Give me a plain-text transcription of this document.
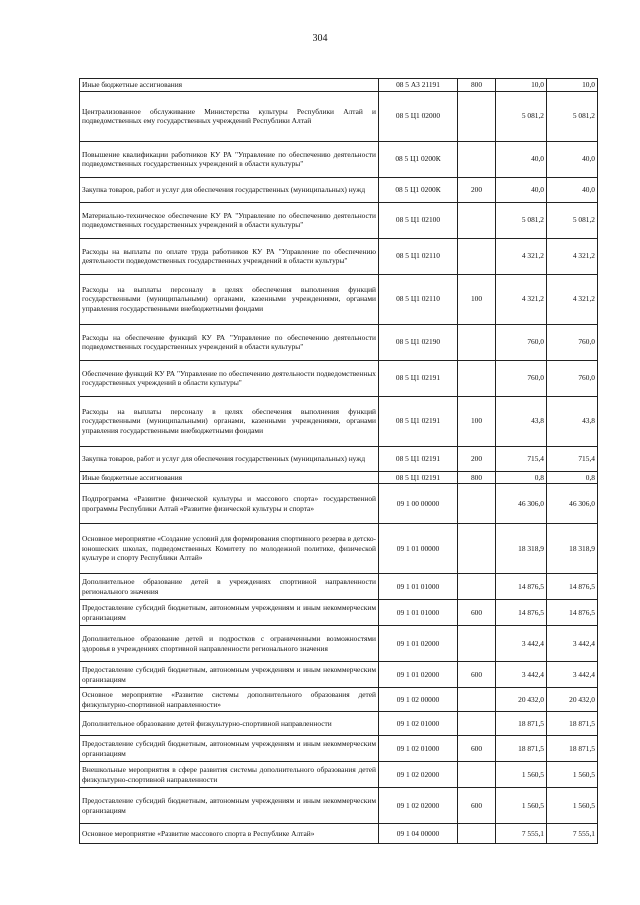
304
Иные бюджетные ассигнования	08 5 А3 21191	800	10,0	10,0
Централизованное обслуживание Министерства культуры Республики Алтай и подведомственных ему государственных учреждений Республики Алтай	08 5 Ц1 02000		5 081,2	5 081,2
Повышение квалификации работников КУ РА "Управление по обеспечению деятельности подведомственных государственных учреждений в области культуры"	08 5 Ц1 0200К		40,0	40,0
Закупка товаров, работ и услуг для обеспечения государственных (муниципальных) нужд	08 5 Ц1 0200К	200	40,0	40,0
Материально-техническое обеспечение КУ РА "Управление по обеспечению деятельности подведомственных государственных учреждений в области культуры"	08 5 Ц1 02100		5 081,2	5 081,2
Расходы на выплаты по оплате труда работников КУ РА "Управление по обеспечению деятельности подведомственных государственных учреждений в области культуры"	08 5 Ц1 02110		4 321,2	4 321,2
Расходы на выплаты персоналу в целях обеспечения выполнения функций государственными (муниципальными) органами, казенными учреждениями, органами управления государственными внебюджетными фондами	08 5 Ц1 02110	100	4 321,2	4 321,2
Расходы на обеспечение функций КУ РА "Управление по обеспечению деятельности подведомственных государственных учреждений в области культуры"	08 5 Ц1 02190		760,0	760,0
Обеспечение функций КУ РА "Управление по обеспечению деятельности подведомственных государственных учреждений в области культуры"	08 5 Ц1 02191		760,0	760,0
Расходы на выплаты персоналу в целях обеспечения выполнения функций государственными (муниципальными) органами, казенными учреждениями, органами управления государственными внебюджетными фондами	08 5 Ц1 02191	100	43,8	43,8
Закупка товаров, работ и услуг для обеспечения государственных (муниципальных) нужд	08 5 Ц1 02191	200	715,4	715,4
Иные бюджетные ассигнования	08 5 Ц1 02191	800	0,8	0,8
Подпрограмма «Развитие физической культуры и массового спорта» государственной программы Республики Алтай «Развитие физической культуры и спорта»	09 1 00 00000		46 306,0	46 306,0
Основное мероприятие «Создание условий для формирования спортивного резерва в детско-юношеских школах, подведомственных Комитету по молодежной политике, физической культуре и спорту Республики Алтай»	09 1 01 00000		18 318,9	18 318,9
Дополнительное образование детей в учреждениях спортивной направленности регионального значения	09 1 01 01000		14 876,5	14 876,5
Предоставление субсидий бюджетным, автономным учреждениям и иным некоммерческим организациям	09 1 01 01000	600	14 876,5	14 876,5
Дополнительное образование детей и подростков с ограниченными возможностями здоровья в учреждениях спортивной направленности регионального значения	09 1 01 02000		3 442,4	3 442,4
Предоставление субсидий бюджетным, автономным учреждениям и иным некоммерческим организациям	09 1 01 02000	600	3 442,4	3 442,4
Основное мероприятие «Развитие системы дополнительного образования детей физкультурно-спортивной направленности»	09 1 02 00000		20 432,0	20 432,0
Дополнительное образование детей физкультурно-спортивной направленности	09 1 02 01000		18 871,5	18 871,5
Предоставление субсидий бюджетным, автономным учреждениям и иным некоммерческим организациям	09 1 02 01000	600	18 871,5	18 871,5
Внешкольные мероприятия в сфере развития системы дополнительного образования детей физкультурно-спортивной направленности	09 1 02 02000		1 560,5	1 560,5
Предоставление субсидий бюджетным, автономным учреждениям и иным некоммерческим организациям	09 1 02 02000	600	1 560,5	1 560,5
Основное мероприятие «Развитие массового спорта в Республике Алтай»	09 1 04 00000		7 555,1	7 555,1
